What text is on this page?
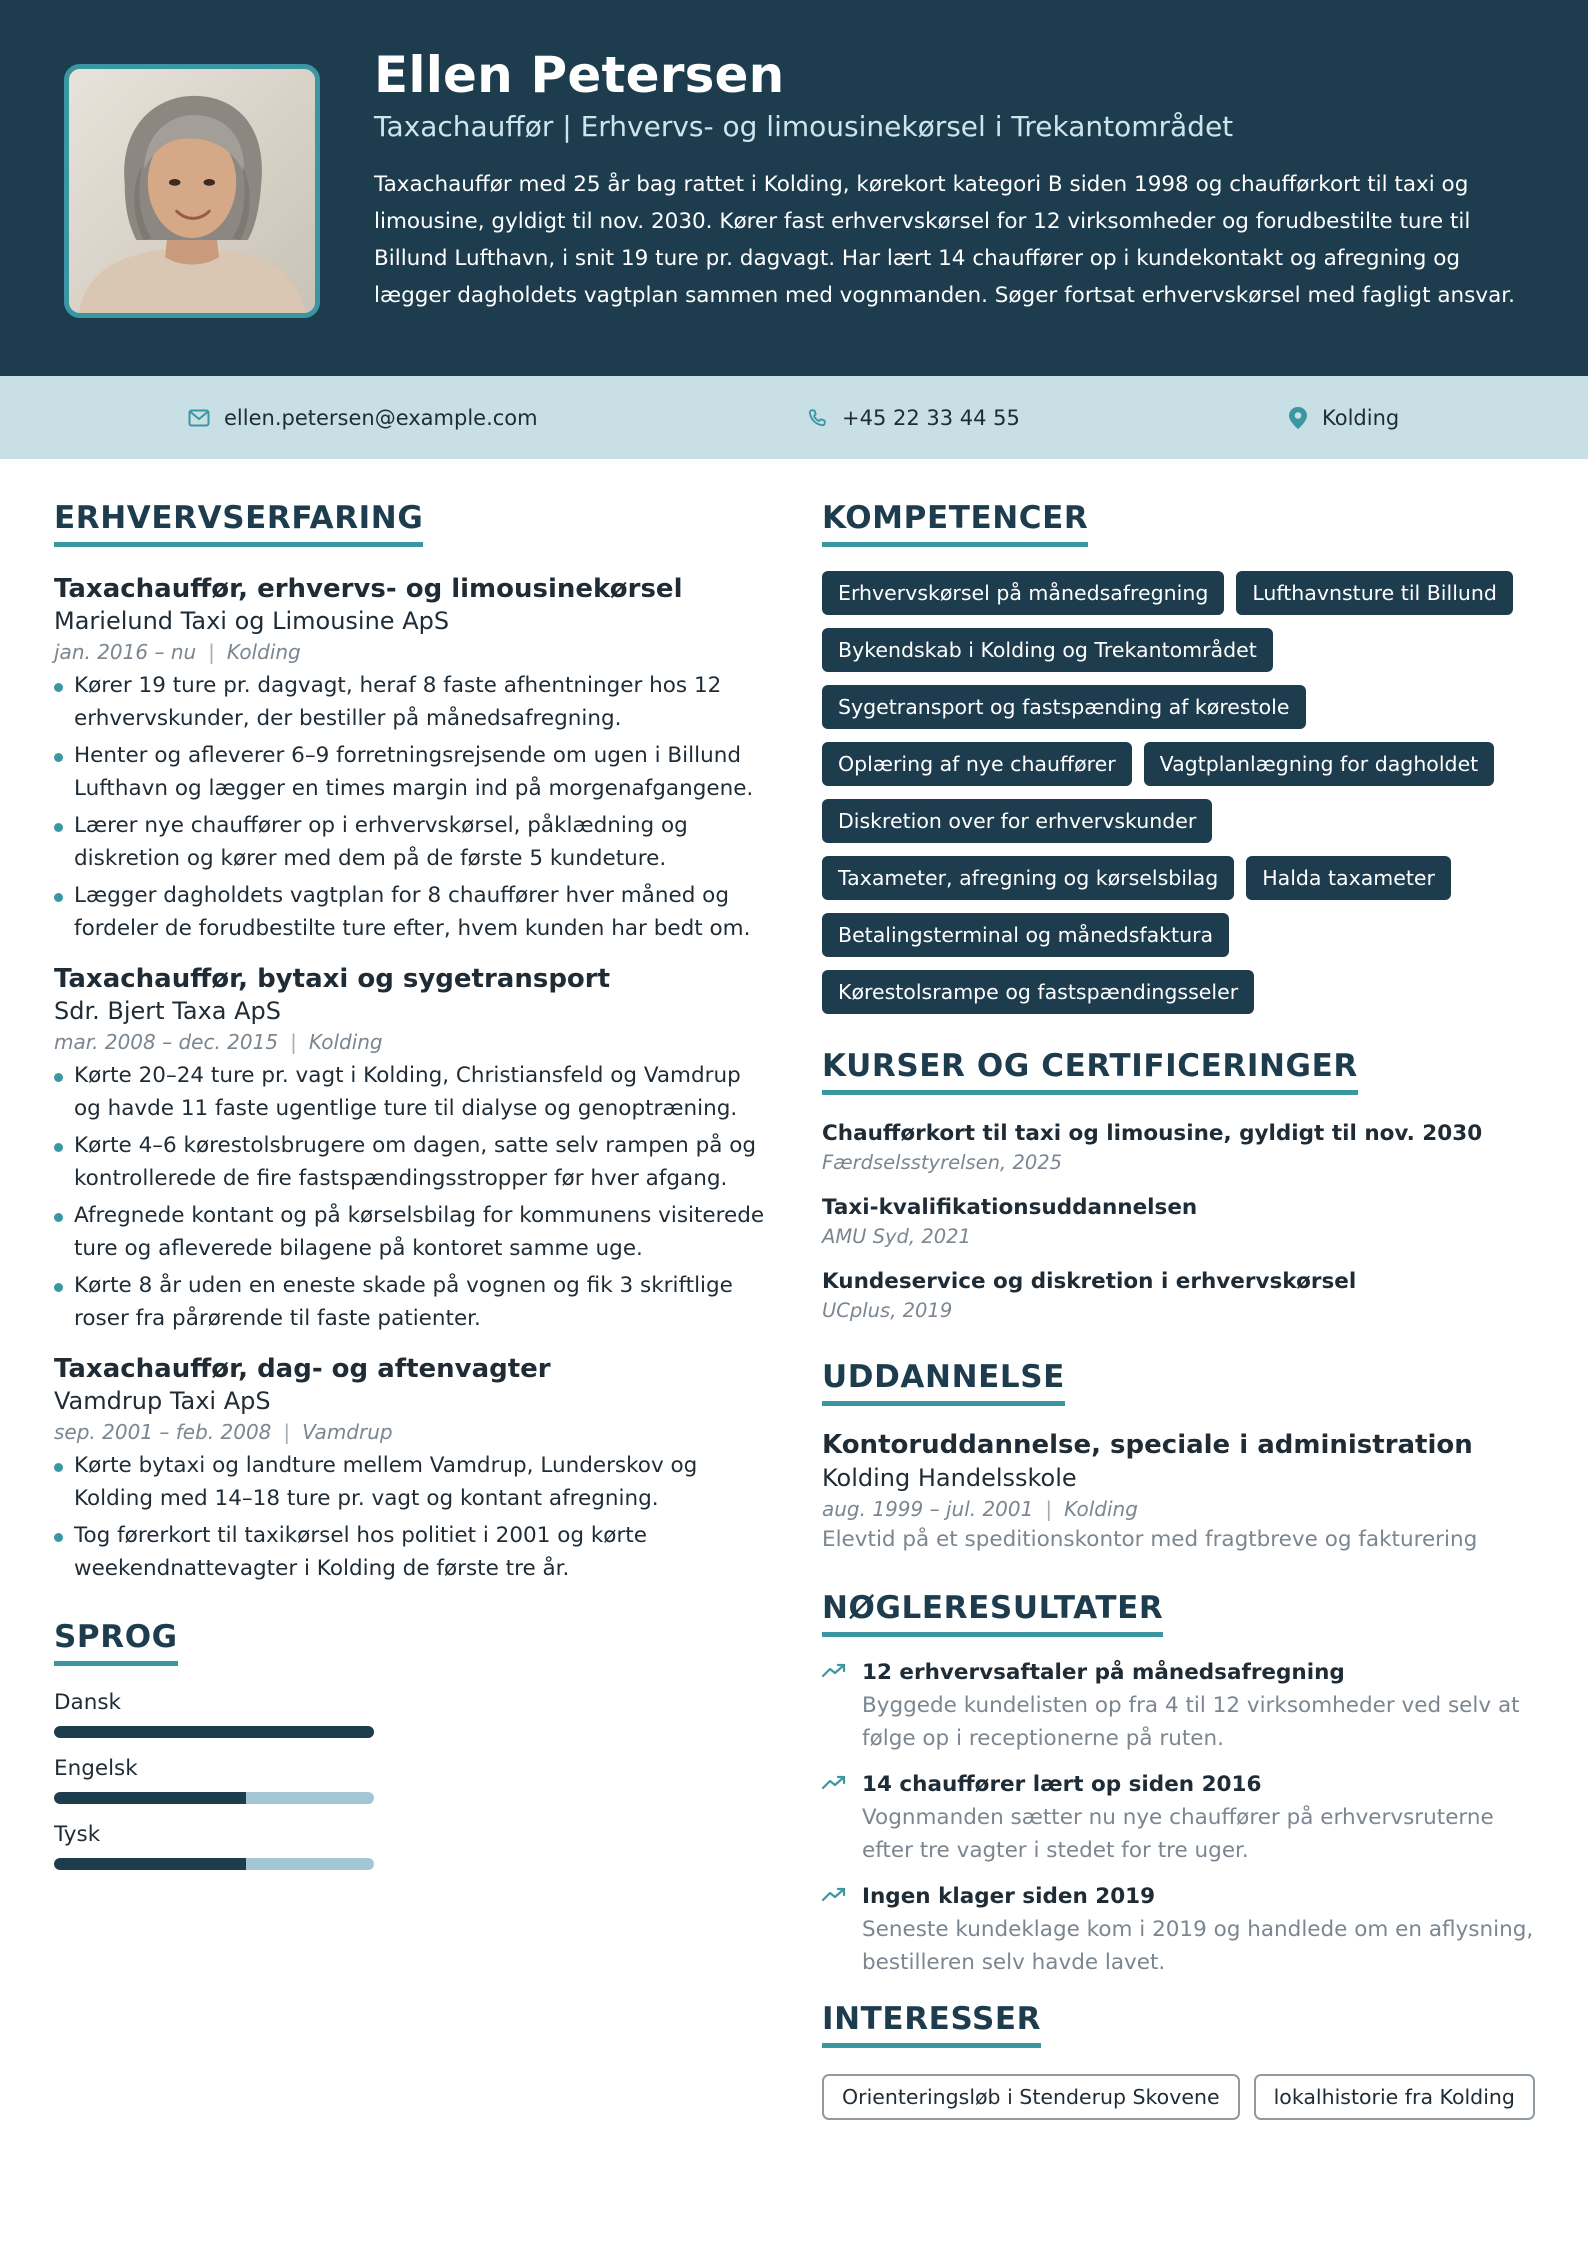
Ellen Petersen
Taxachauffør | Erhvervs- og limousinekørsel i Trekantområdet
Taxachauffør med 25 år bag rattet i Kolding, kørekort kategori B siden 1998 og chaufførkort til taxi og limousine, gyldigt til nov. 2030. Kører fast erhvervskørsel for 12 virksomheder og forudbestilte ture til Billund Lufthavn, i snit 19 ture pr. dagvagt. Har lært 14 chauffører op i kundekontakt og afregning og lægger dagholdets vagtplan sammen med vognmanden. Søger fortsat erhvervskørsel med fagligt ansvar.
ellen.petersen@example.com	+45 22 33 44 55	Kolding
ERHVERVSERFARING
Taxachauffør, erhvervs- og limousinekørsel
Marielund Taxi og Limousine ApS
jan. 2016 – nu | Kolding
Kører 19 ture pr. dagvagt, heraf 8 faste afhentninger hos 12 erhvervskunder, der bestiller på månedsafregning.
Henter og afleverer 6–9 forretningsrejsende om ugen i Billund Lufthavn og lægger en times margin ind på morgenafgangene.
Lærer nye chauffører op i erhvervskørsel, påklædning og diskretion og kører med dem på de første 5 kundeture.
Lægger dagholdets vagtplan for 8 chauffører hver måned og fordeler de forudbestilte ture efter, hvem kunden har bedt om.
Taxachauffør, bytaxi og sygetransport
Sdr. Bjert Taxa ApS
mar. 2008 – dec. 2015 | Kolding
Kørte 20–24 ture pr. vagt i Kolding, Christiansfeld og Vamdrup og havde 11 faste ugentlige ture til dialyse og genoptræning.
Kørte 4–6 kørestolsbrugere om dagen, satte selv rampen på og kontrollerede de fire fastspændingsstropper før hver afgang.
Afregnede kontant og på kørselsbilag for kommunens visiterede ture og afleverede bilagene på kontoret samme uge.
Kørte 8 år uden en eneste skade på vognen og fik 3 skriftlige roser fra pårørende til faste patienter.
Taxachauffør, dag- og aftenvagter
Vamdrup Taxi ApS
sep. 2001 – feb. 2008 | Vamdrup
Kørte bytaxi og landture mellem Vamdrup, Lunderskov og Kolding med 14–18 ture pr. vagt og kontant afregning.
Tog førerkort til taxikørsel hos politiet i 2001 og kørte weekendnattevagter i Kolding de første tre år.
SPROG
Dansk
Engelsk
Tysk
KOMPETENCER
Erhvervskørsel på månedsafregning	Lufthavnsture til Billund
Bykendskab i Kolding og Trekantområdet
Sygetransport og fastspænding af kørestole
Oplæring af nye chauffører	Vagtplanlægning for dagholdet
Diskretion over for erhvervskunder
Taxameter, afregning og kørselsbilag	Halda taxameter
Betalingsterminal og månedsfaktura
Kørestolsrampe og fastspændingsseler
KURSER OG CERTIFICERINGER
Chaufførkort til taxi og limousine, gyldigt til nov. 2030
Færdselsstyrelsen, 2025
Taxi-kvalifikationsuddannelsen
AMU Syd, 2021
Kundeservice og diskretion i erhvervskørsel
UCplus, 2019
UDDANNELSE
Kontoruddannelse, speciale i administration
Kolding Handelsskole
aug. 1999 – jul. 2001 | Kolding
Elevtid på et speditionskontor med fragtbreve og fakturering
NØGLERESULTATER
12 erhvervsaftaler på månedsafregning
Byggede kundelisten op fra 4 til 12 virksomheder ved selv at følge op i receptionerne på ruten.
14 chauffører lært op siden 2016
Vognmanden sætter nu nye chauffører på erhvervsruterne efter tre vagter i stedet for tre uger.
Ingen klager siden 2019
Seneste kundeklage kom i 2019 og handlede om en aflysning, bestilleren selv havde lavet.
INTERESSER
Orienteringsløb i Stenderup Skovene	lokalhistorie fra Kolding
